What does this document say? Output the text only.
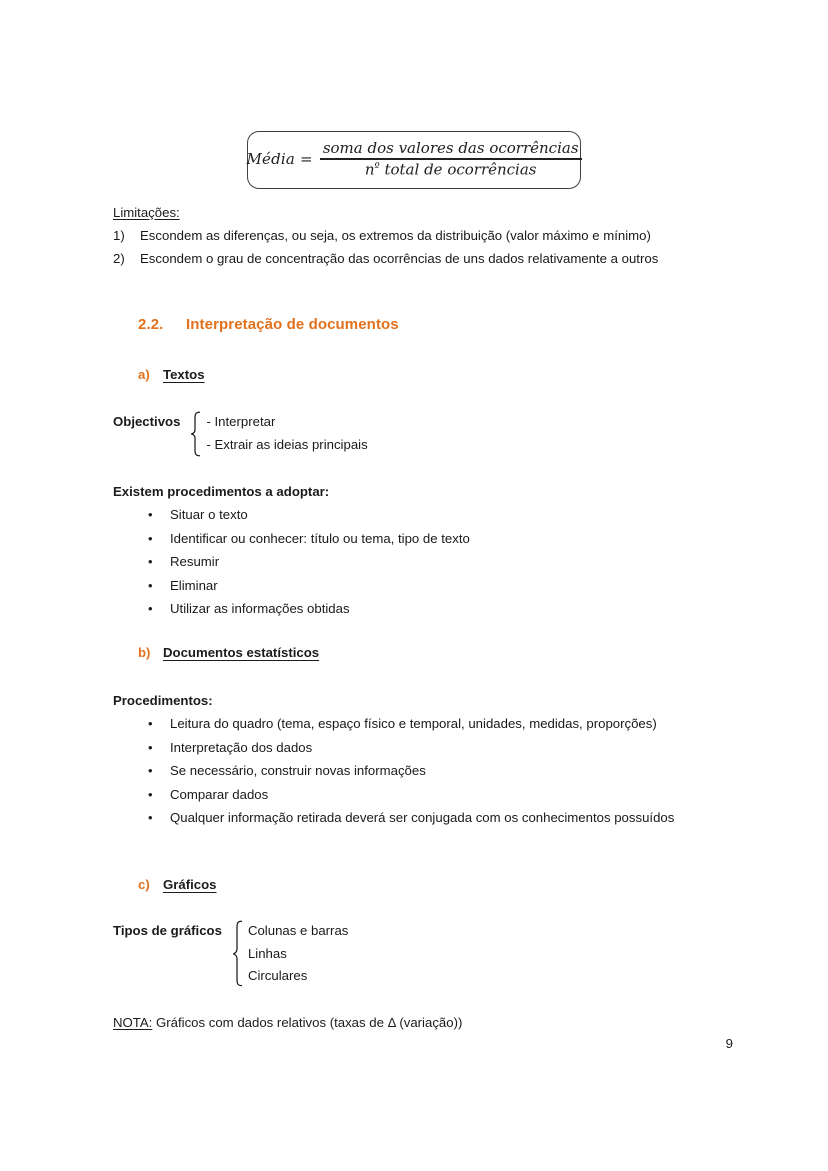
Média = $\frac{\text{soma dos valores das ocorrências}}{n^º total de ocorrências}$
Limitações:
1)	Escondem as diferenças, ou seja, os extremos da distribuição (valor máximo e mínimo)
2)	Escondem o grau de concentração das ocorrências de uns dados relativamente a outros
2.2. Interpretação de documentos
a) Textos
Objectivos - Interpretar
- Extrair as ideias principais
Existem procedimentos a adoptar:
•	Situar o texto
•	Identificar ou conhecer: título ou tema, tipo de texto
•	Resumir
•	Eliminar
•	Utilizar as informações obtidas
b) Documentos estatísticos
Procedimentos:
•	Leitura do quadro (tema, espaço físico e temporal, unidades, medidas, proporções)
•	Interpretação dos dados
•	Se necessário, construir novas informações
•	Comparar dados
•	Qualquer informação retirada deverá ser conjugada com os conhecimentos possuídos
c) Gráficos
Tipos de gráficos Colunas e barras
Linhas
Circulares
NOTA: Gráficos com dados relativos (taxas de Δ (variação))
9
